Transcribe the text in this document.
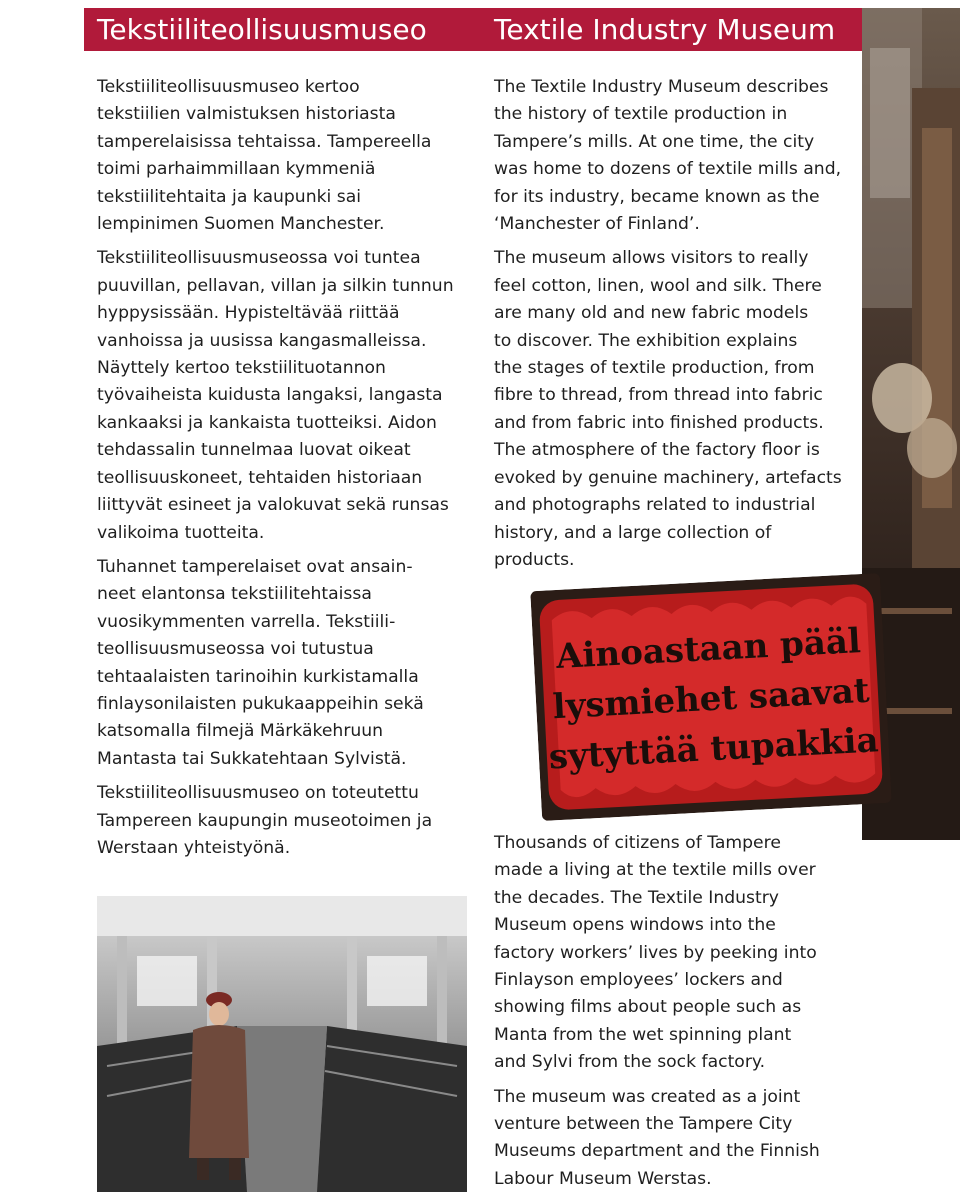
Tekstiiliteollisuusmuseo Textile Industry Museum

Tekstiiliteollisuusmuseo kertoo
tekstiilien valmistuksen historiasta
tamperelaisissa tehtaissa. Tampereella
toimi parhaimmillaan kymmeniä
tekstiilitehtaita ja kaupunki sai
lempinimen Suomen Manchester.

Tekstiiliteollisuusmuseossa voi tuntea
puuvillan, pellavan, villan ja silkin tunnun
hyppysissään. Hypisteltävää riittää
vanhoissa ja uusissa kangasmalleissa.
Näyttely kertoo tekstiilituotannon
työvaiheista kuidusta langaksi, langasta
kankaaksi ja kankaista tuotteiksi. Aidon
tehdassalin tunnelmaa luovat oikeat
teollisuuskoneet, tehtaiden historiaan
liittyvät esineet ja valokuvat sekä runsas
valikoima tuotteita.

Tuhannet tamperelaiset ovat ansain-
neet elantonsa tekstiilitehtaissa
vuosikymmenten varrella. Tekstiili-
teollisuusmuseossa voi tutustua
tehtaalaisten tarinoihin kurkistamalla
finlaysonilaisten pukukaappeihin sekä
katsomalla filmejä Märkäkehruun
Mantasta tai Sukkatehtaan Sylvistä.

Tekstiiliteollisuusmuseo on toteutettu
Tampereen kaupungin museotoimen ja
Werstaan yhteistyönä.

The Textile Industry Museum describes
the history of textile production in
Tampere’s mills. At one time, the city
was home to dozens of textile mills and,
for its industry, became known as the
‘Manchester of Finland’.

The museum allows visitors to really
feel cotton, linen, wool and silk. There
are many old and new fabric models
to discover. The exhibition explains
the stages of textile production, from
fibre to thread, from thread into fabric
and from fabric into finished products.
The atmosphere of the factory floor is
evoked by genuine machinery, artefacts
and photographs related to industrial
history, and a large collection of
products.

Thousands of citizens of Tampere
made a living at the textile mills over
the decades. The Textile Industry
Museum opens windows into the
factory workers’ lives by peeking into
Finlayson employees’ lockers and
showing films about people such as
Manta from the wet spinning plant
and Sylvi from the sock factory.

The museum was created as a joint
venture between the Tampere City
Museums department and the Finnish
Labour Museum Werstas.

Ainoastaan pääl
lysmiehet saavat
sytyttää tupakkia
